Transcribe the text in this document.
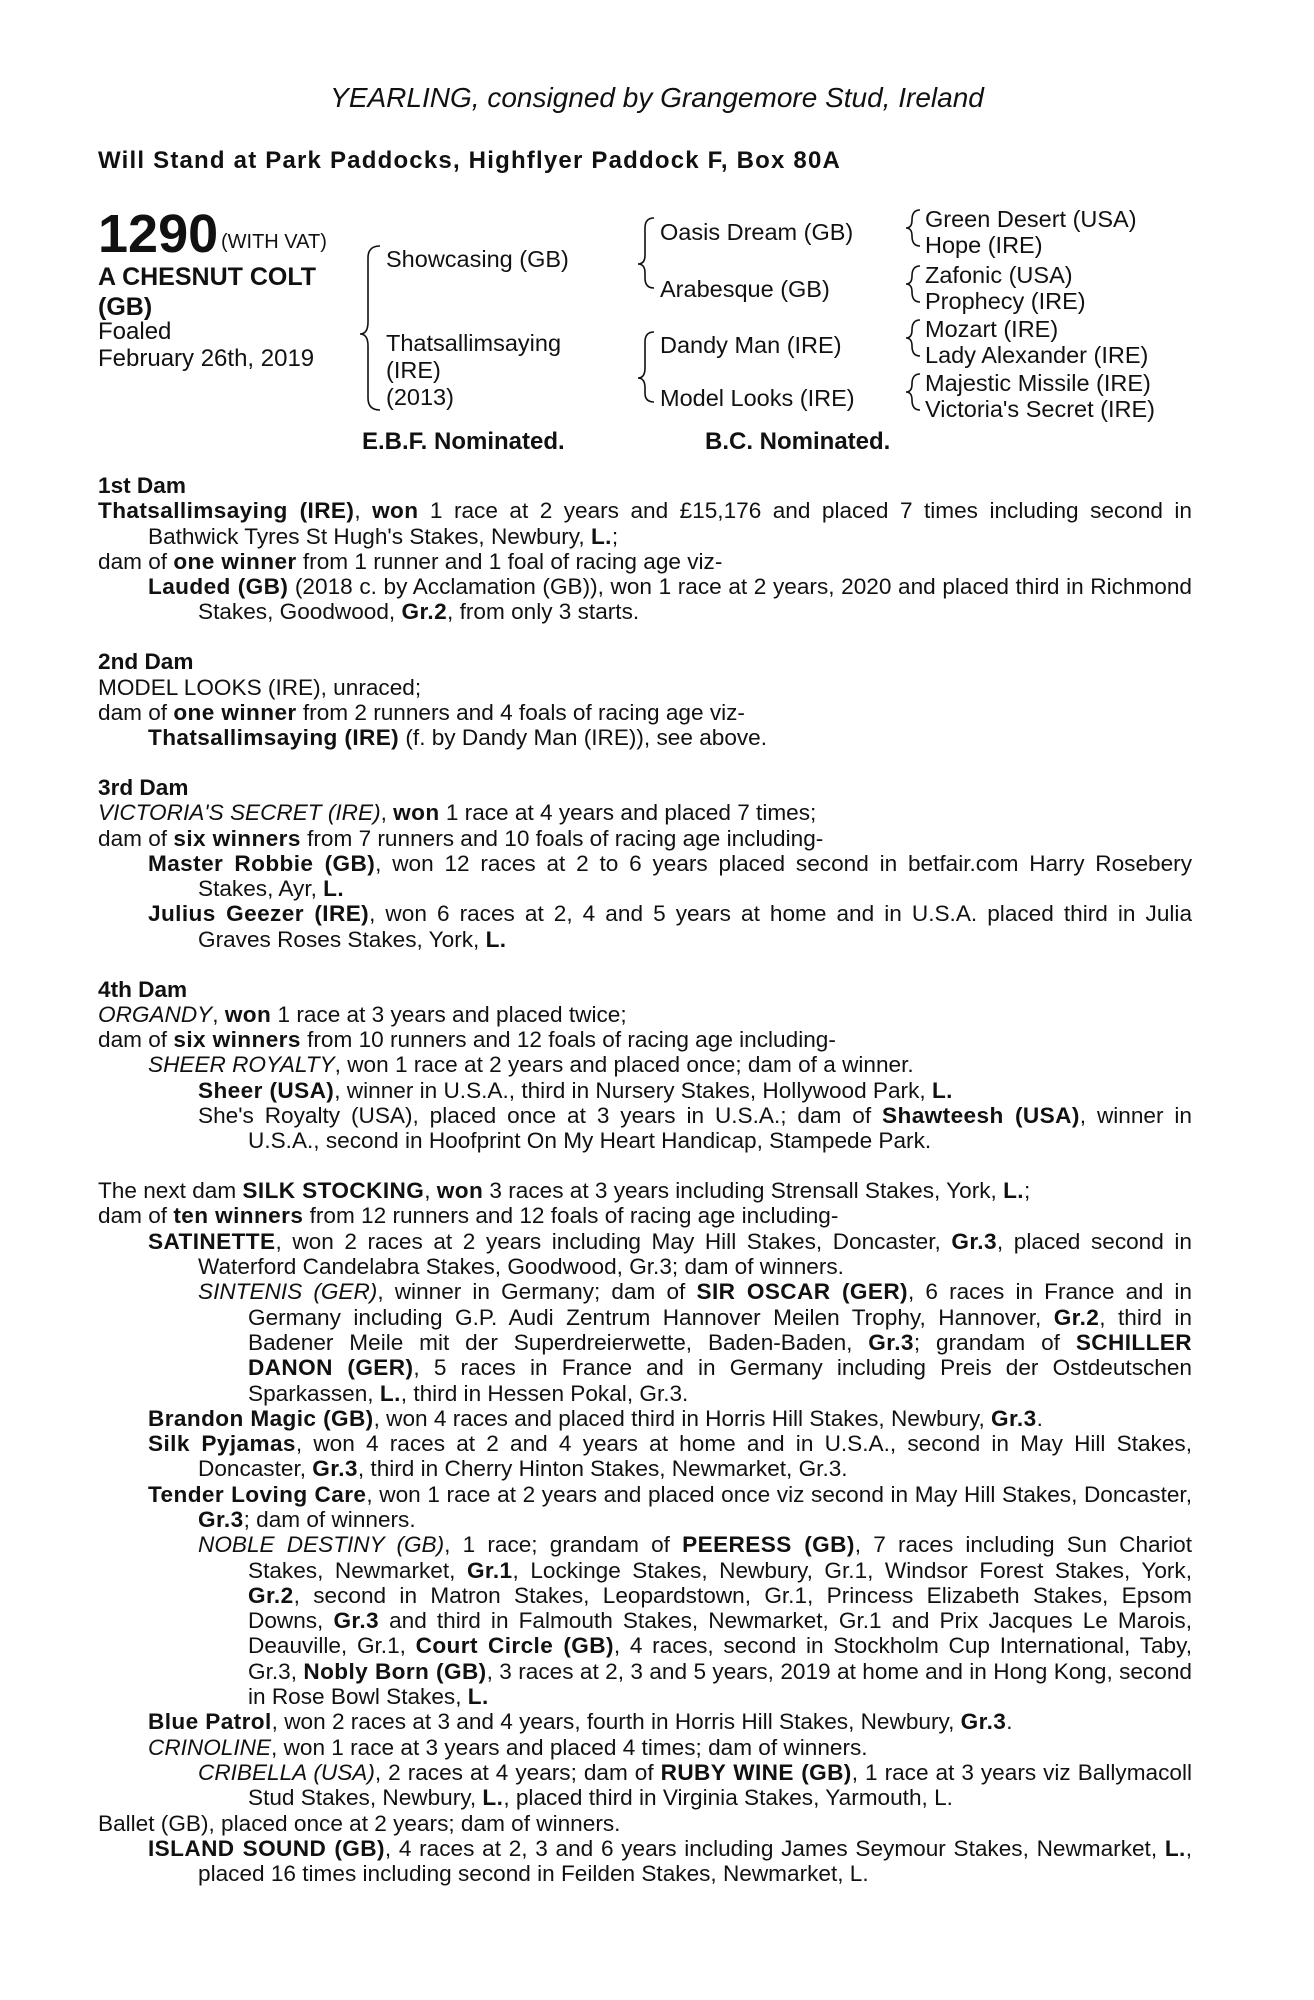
YEARLING, consigned by Grangemore Stud, Ireland
Will Stand at Park Paddocks, Highflyer Paddock F, Box 80A
1290 (WITH VAT)
A CHESNUT COLT
(GB)
Foaled
February 26th, 2019
Showcasing (GB)
Thatsallimsaying
(IRE)
(2013)
Oasis Dream (GB)
Arabesque (GB)
Dandy Man (IRE)
Model Looks (IRE)
Green Desert (USA)
Hope (IRE)
Zafonic (USA)
Prophecy (IRE)
Mozart (IRE)
Lady Alexander (IRE)
Majestic Missile (IRE)
Victoria's Secret (IRE)
E.B.F. Nominated.	B.C. Nominated.

1st Dam

Thatsallimsaying (IRE), won 1 race at 2 years and £15,176 and placed 7 times including second in Bathwick Tyres St Hugh's Stakes, Newbury, L.;

dam of one winner from 1 runner and 1 foal of racing age viz-

Lauded (GB) (2018 c. by Acclamation (GB)), won 1 race at 2 years, 2020 and placed third in Richmond Stakes, Goodwood, Gr.2, from only 3 starts.

2nd Dam

MODEL LOOKS (IRE), unraced;

dam of one winner from 2 runners and 4 foals of racing age viz-

Thatsallimsaying (IRE) (f. by Dandy Man (IRE)), see above.

3rd Dam

VICTORIA'S SECRET (IRE), won 1 race at 4 years and placed 7 times;

dam of six winners from 7 runners and 10 foals of racing age including-

Master Robbie (GB), won 12 races at 2 to 6 years placed second in betfair.com Harry Rosebery Stakes, Ayr, L.

Julius Geezer (IRE), won 6 races at 2, 4 and 5 years at home and in U.S.A. placed third in Julia Graves Roses Stakes, York, L.

4th Dam

ORGANDY, won 1 race at 3 years and placed twice;

dam of six winners from 10 runners and 12 foals of racing age including-

SHEER ROYALTY, won 1 race at 2 years and placed once; dam of a winner.

Sheer (USA), winner in U.S.A., third in Nursery Stakes, Hollywood Park, L.

She's Royalty (USA), placed once at 3 years in U.S.A.; dam of Shawteesh (USA), winner in U.S.A., second in Hoofprint On My Heart Handicap, Stampede Park.

The next dam SILK STOCKING, won 3 races at 3 years including Strensall Stakes, York, L.;

dam of ten winners from 12 runners and 12 foals of racing age including-

SATINETTE, won 2 races at 2 years including May Hill Stakes, Doncaster, Gr.3, placed second in Waterford Candelabra Stakes, Goodwood, Gr.3; dam of winners.

SINTENIS (GER), winner in Germany; dam of SIR OSCAR (GER), 6 races in France and in Germany including G.P. Audi Zentrum Hannover Meilen Trophy, Hannover, Gr.2, third in Badener Meile mit der Superdreierwette, Baden-Baden, Gr.3; grandam of SCHILLER DANON (GER), 5 races in France and in Germany including Preis der Ostdeutschen Sparkassen, L., third in Hessen Pokal, Gr.3.

Brandon Magic (GB), won 4 races and placed third in Horris Hill Stakes, Newbury, Gr.3.

Silk Pyjamas, won 4 races at 2 and 4 years at home and in U.S.A., second in May Hill Stakes, Doncaster, Gr.3, third in Cherry Hinton Stakes, Newmarket, Gr.3.

Tender Loving Care, won 1 race at 2 years and placed once viz second in May Hill Stakes, Doncaster, Gr.3; dam of winners.

NOBLE DESTINY (GB), 1 race; grandam of PEERESS (GB), 7 races including Sun Chariot Stakes, Newmarket, Gr.1, Lockinge Stakes, Newbury, Gr.1, Windsor Forest Stakes, York, Gr.2, second in Matron Stakes, Leopardstown, Gr.1, Princess Elizabeth Stakes, Epsom Downs, Gr.3 and third in Falmouth Stakes, Newmarket, Gr.1 and Prix Jacques Le Marois, Deauville, Gr.1, Court Circle (GB), 4 races, second in Stockholm Cup International, Taby, Gr.3, Nobly Born (GB), 3 races at 2, 3 and 5 years, 2019 at home and in Hong Kong, second in Rose Bowl Stakes, L.

Blue Patrol, won 2 races at 3 and 4 years, fourth in Horris Hill Stakes, Newbury, Gr.3.

CRINOLINE, won 1 race at 3 years and placed 4 times; dam of winners.

CRIBELLA (USA), 2 races at 4 years; dam of RUBY WINE (GB), 1 race at 3 years viz Ballymacoll Stud Stakes, Newbury, L., placed third in Virginia Stakes, Yarmouth, L.

Ballet (GB), placed once at 2 years; dam of winners.

ISLAND SOUND (GB), 4 races at 2, 3 and 6 years including James Seymour Stakes, Newmarket, L., placed 16 times including second in Feilden Stakes, Newmarket, L.
